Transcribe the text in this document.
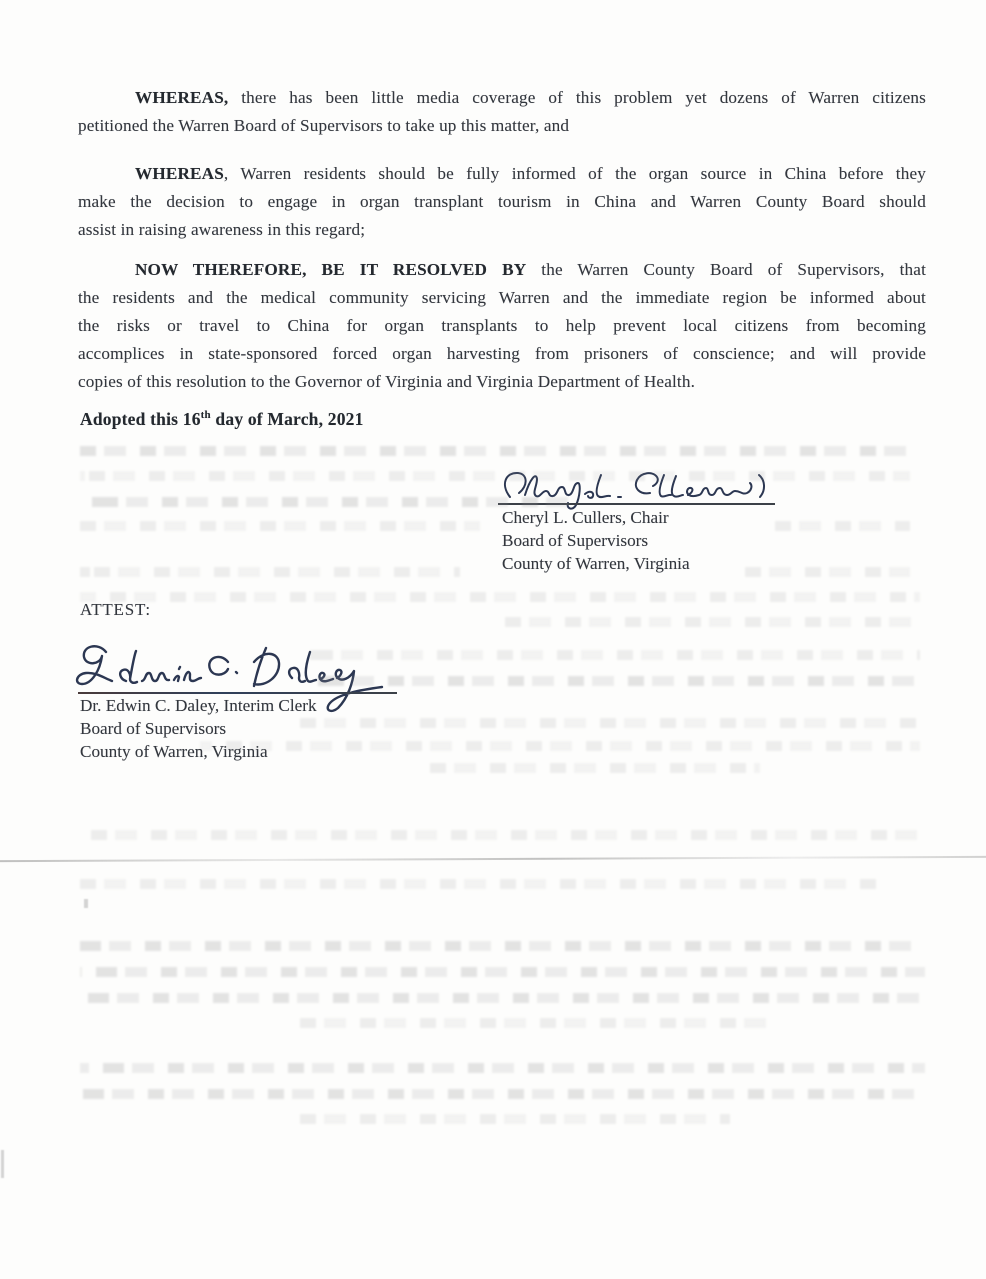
WHEREAS, there has been little media coverage of this problem yet dozens of Warren citizens
petitioned the Warren Board of Supervisors to take up this matter, and
WHEREAS, Warren residents should be fully informed of the organ source in China before they
make the decision to engage in organ transplant tourism in China and Warren County Board should
assist in raising awareness in this regard;
NOW THEREFORE, BE IT RESOLVED BY the Warren County Board of Supervisors, that
the residents and the medical community servicing Warren and the immediate region be informed about
the risks or travel to China for organ transplants to help prevent local citizens from becoming
accomplices in state-sponsored forced organ harvesting from prisoners of conscience; and will provide
copies of this resolution to the Governor of Virginia and Virginia Department of Health.
Adopted this 16th day of March, 2021
Cheryl L. Cullers, Chair
Board of Supervisors
County of Warren, Virginia
ATTEST:
Dr. Edwin C. Daley, Interim Clerk
Board of Supervisors
County of Warren, Virginia
